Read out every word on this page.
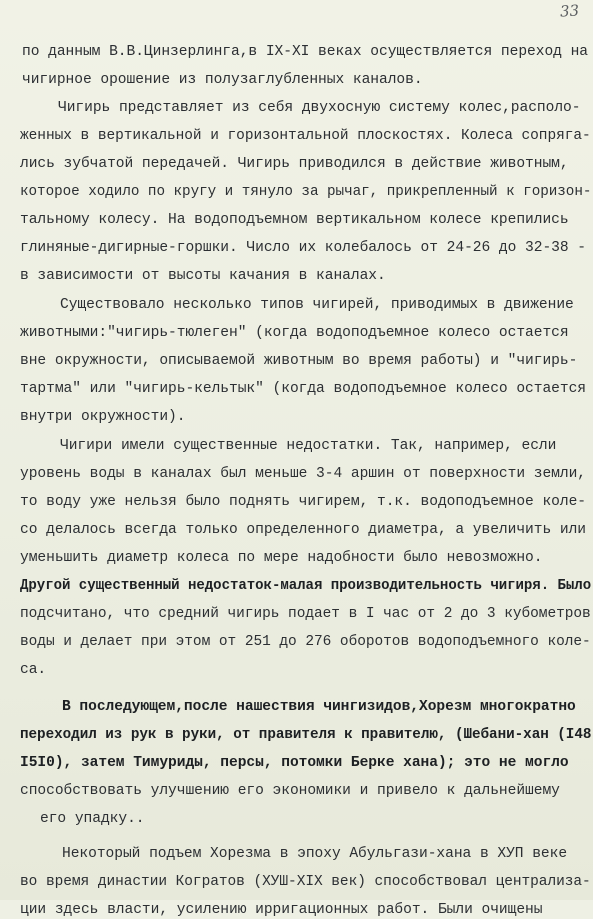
33
по данным В.В.Цинзерлинга,в IX-XI веках осуществляется переход на
чигирное орошение из полузаглубленных каналов.
Чигирь представляет из себя двухосную систему колес,располо-
женных в вертикальной и горизонтальной плоскостях. Колеса сопряга-
лись зубчатой передачей. Чигирь приводился в действие животным,
которое ходило по кругу и тянуло за рычаг, прикрепленный к горизон-
тальному колесу. На водоподъемном вертикальном колесе крепились
глиняные-дигирные-горшки. Число их колебалось от 24-26 до 32-38 -
в зависимости от высоты качания в каналах.
Существовало несколько типов чигирей, приводимых в движение
животными:"чигирь-тюлеген" (когда водоподъемное колесо остается
вне окружности, описываемой животным во время работы) и "чигирь-
тартма" или "чигирь-кельтык" (когда водоподъемное колесо остается
внутри окружности).
Чигири имели существенные недостатки. Так, например, если
уровень воды в каналах был меньше 3-4 аршин от поверхности земли,
то воду уже нельзя было поднять чигирем, т.к. водоподъемное коле-
со делалось всегда только определенного диаметра, а увеличить или
уменьшить диаметр колеса по мере надобности было невозможно.
Другой существенный недостаток-малая производительность чигиря. Было
подсчитано, что средний чигирь подает в I час от 2 до 3 кубометров
воды и делает при этом от 251 до 276 оборотов водоподъемного коле-
са.
В последующем,после нашествия чингизидов,Хорезм многократно
переходил из рук в руки, от правителя к правителю, (Шебани-хан (I48
I5I0), затем Тимуриды, персы, потомки Берке хана); это не могло
способствовать улучшению его экономики и привело к дальнейшему
его упадку..
Некоторый подъем Хорезма в эпоху Абульгази-хана в ХУП веке
во время династии Когратов (ХУШ-XIX век) способствовал централиза-
ции здесь власти, усилению ирригационных работ. Были очищены
